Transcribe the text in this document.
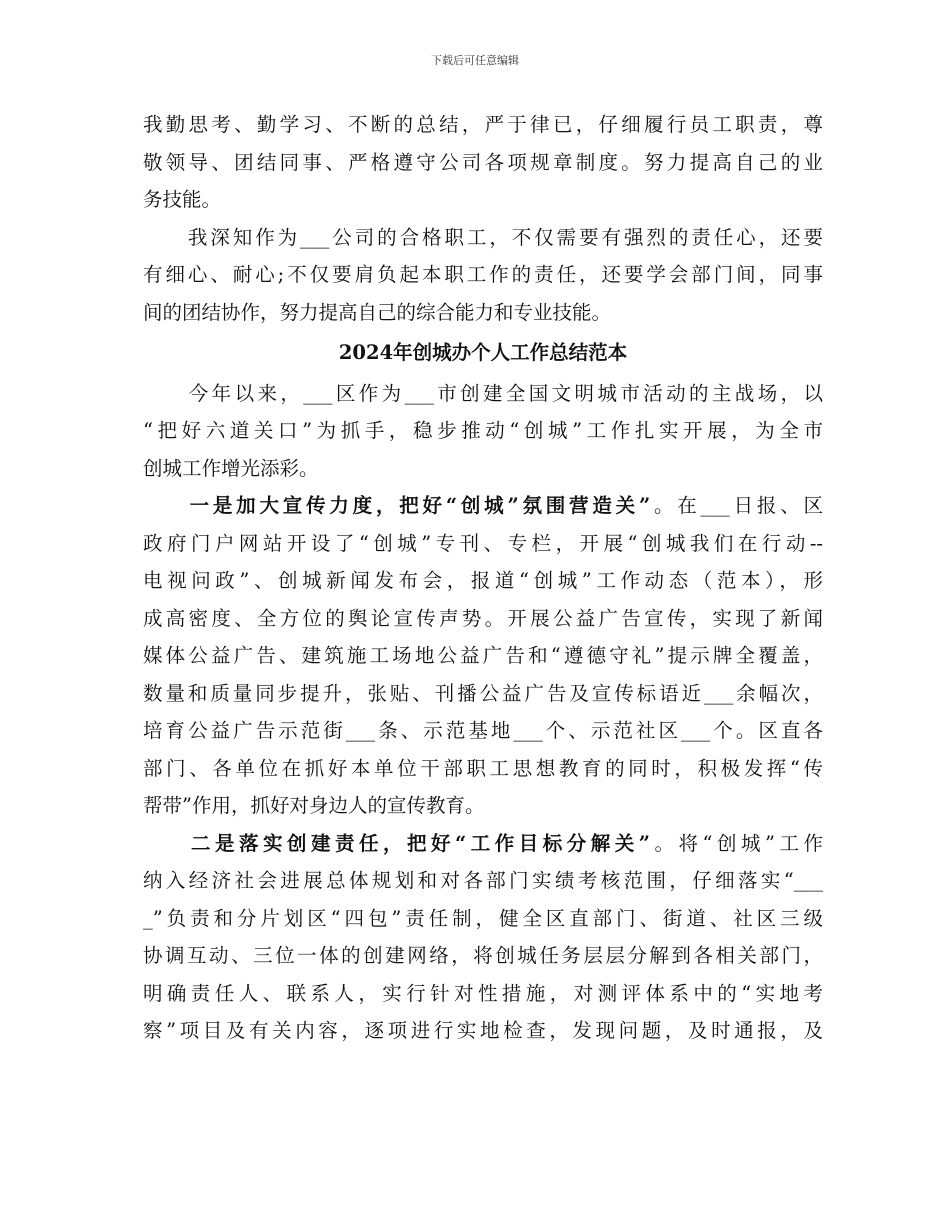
下载后可任意编辑
我勤思考、勤学习、不断的总结，严于律已，仔细履行员工职责，尊
敬领导、团结同事、严格遵守公司各项规章制度。努力提高自己的业
务技能。
　　我深知作为___公司的合格职工，不仅需要有强烈的责任心，还要
有细心、耐心;不仅要肩负起本职工作的责任，还要学会部门间，同事
间的团结协作，努力提高自己的综合能力和专业技能。
2024年创城办个人工作总结范本
　　今年以来，___区作为___市创建全国文明城市活动的主战场，以
“把好六道关口”为抓手，稳步推动“创城”工作扎实开展，为全市
创城工作增光添彩。
　　一是加大宣传力度，把好“创城”氛围营造关”。在___日报、区
政府门户网站开设了“创城”专刊、专栏，开展“创城我们在行动--
电视问政”、创城新闻发布会，报道“创城”工作动态（范本），形
成高密度、全方位的舆论宣传声势。开展公益广告宣传，实现了新闻
媒体公益广告、建筑施工场地公益广告和“遵德守礼”提示牌全覆盖，
数量和质量同步提升，张贴、刊播公益广告及宣传标语近___余幅次，
培育公益广告示范街___条、示范基地___个、示范社区___个。区直各
部门、各单位在抓好本单位干部职工思想教育的同时，积极发挥“传
帮带”作用，抓好对身边人的宣传教育。
　　二是落实创建责任，把好“工作目标分解关”。将“创城”工作
纳入经济社会进展总体规划和对各部门实绩考核范围，仔细落实“___
_”负责和分片划区“四包”责任制，健全区直部门、街道、社区三级
协调互动、三位一体的创建网络，将创城任务层层分解到各相关部门，
明确责任人、联系人，实行针对性措施，对测评体系中的“实地考
察”项目及有关内容，逐项进行实地检查，发现问题，及时通报，及
